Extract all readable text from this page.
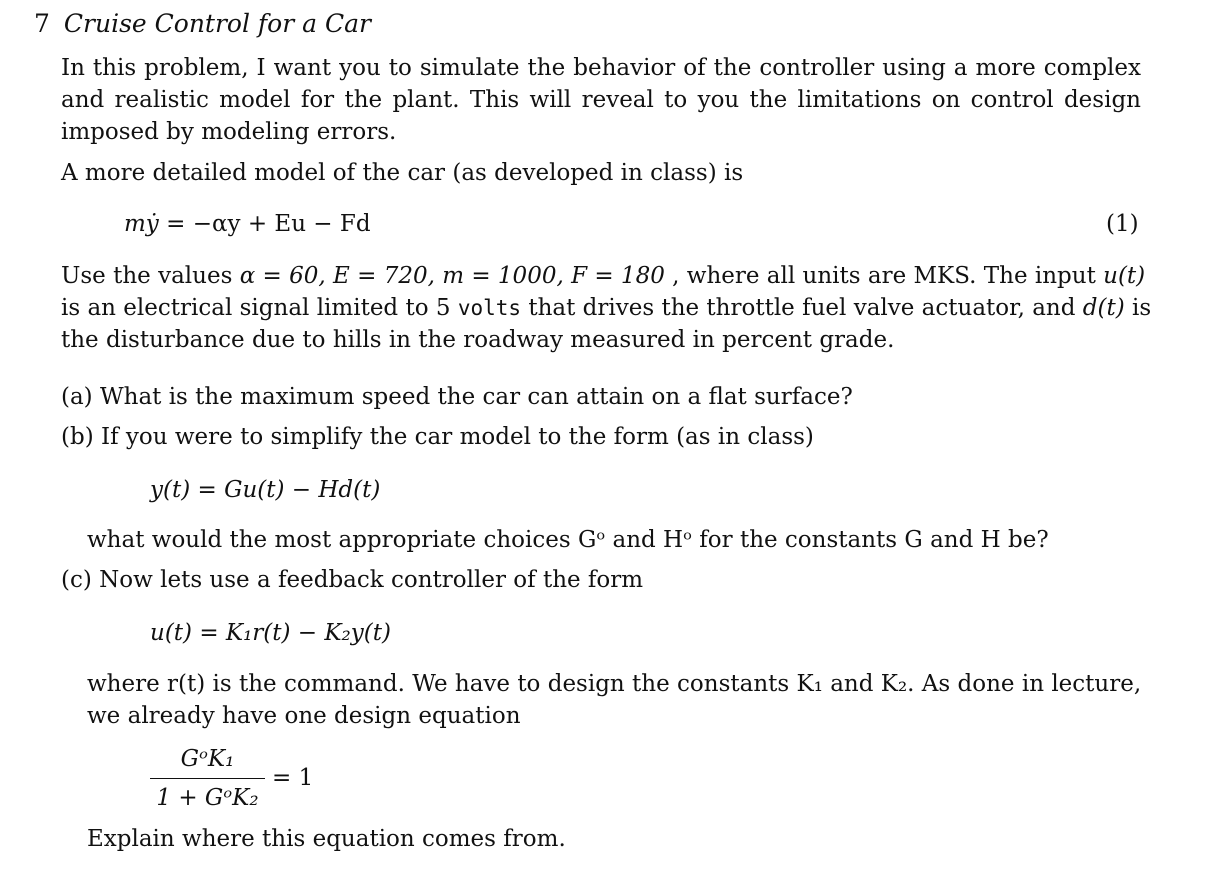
7 Cruise Control for a Car
In this problem, I want you to simulate the behavior of the controller using a more complex and realistic model for the plant. This will reveal to you the limitations on control design imposed by modeling errors.
A more detailed model of the car (as developed in class) is
mẏ = −αy + Eu − Fd	(1)
Use the values α = 60, E = 720, m = 1000, F = 180 , where all units are MKS. The input u(t)
is an electrical signal limited to 5 volts that drives the throttle fuel valve actuator, and d(t) is
the disturbance due to hills in the roadway measured in percent grade.
(a) What is the maximum speed the car can attain on a flat surface?
(b) If you were to simplify the car model to the form (as in class)
y(t) = Gu(t) − Hd(t)
what would the most appropriate choices Gᵒ and Hᵒ for the constants G and H be?
(c) Now lets use a feedback controller of the form
u(t) = K₁r(t) − K₂y(t)
where r(t) is the command. We have to design the constants K₁ and K₂. As done in lecture,
we already have one design equation
GᵒK₁
1 + GᵒK₂
= 1
Explain where this equation comes from.
